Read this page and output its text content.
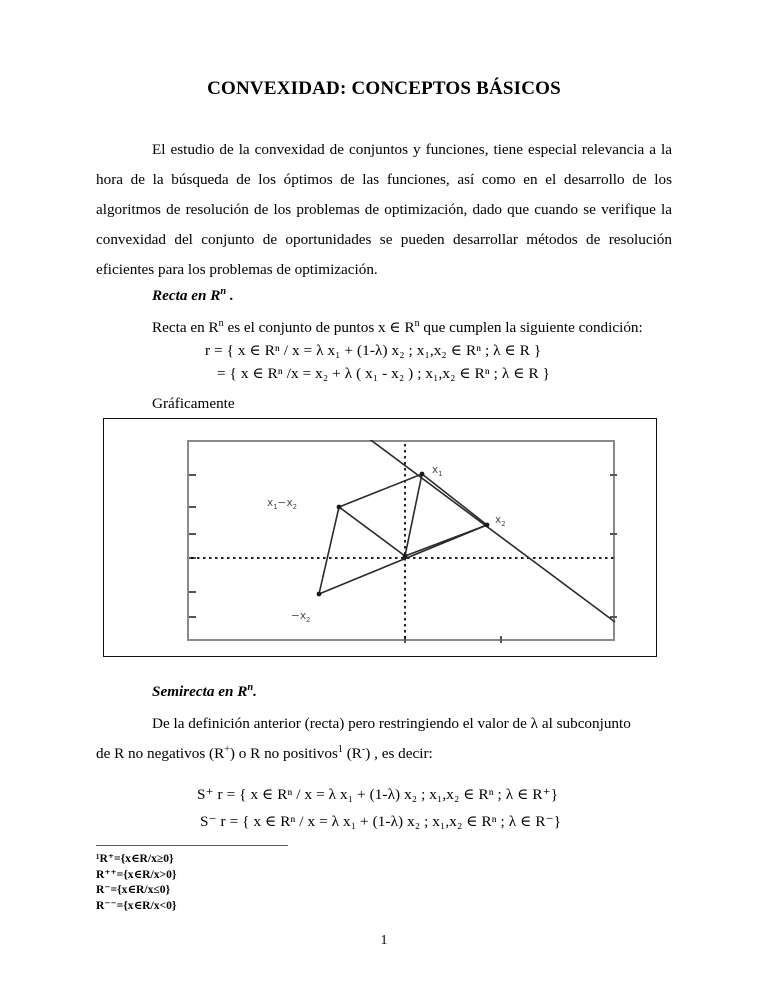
CONVEXIDAD: CONCEPTOS BÁSICOS
El estudio de la convexidad de conjuntos y funciones, tiene especial relevancia a la hora de la búsqueda de los óptimos de las funciones, así como en el desarrollo de los algoritmos de resolución de los problemas de optimización, dado que cuando se verifique la convexidad del conjunto de oportunidades se pueden desarrollar métodos de resolución eficientes para los problemas de optimización.
Recta en $R^n$ .
Recta en $R^n$ es el conjunto de puntos x ∈ $R^n$ que cumplen la siguiente condición:
r = { x ∈ Rⁿ / x = λ x₁ + (1-λ) x₂ ; x₁,x₂ ∈ Rⁿ ; λ ∈ R }
= { x ∈ Rⁿ /x = x₂ + λ ( x₁ - x₂ ) ; x₁,x₂ ∈ Rⁿ ; λ ∈ R }
Gráficamente
$x_1$
$x_2$
$x_1-x_2$
$-x_2$
Semirecta en $R^n$.
De la definición anterior (recta) pero restringiendo el valor de λ al subconjunto
de R no negativos (R+) o R no positivos$^1$ (R-) , es decir:
S⁺ r = { x ∈ Rⁿ / x = λ x₁ + (1-λ) x₂ ; x₁,x₂ ∈ Rⁿ ; λ ∈ R⁺}
S⁻ r = { x ∈ Rⁿ / x = λ x₁ + (1-λ) x₂ ; x₁,x₂ ∈ Rⁿ ; λ ∈ R⁻}
¹R⁺={x∈R/x≥0}
R⁺⁺={x∈R/x>0}
R⁻={x∈R/x≤0}
R⁻⁻={x∈R/x<0}
1
